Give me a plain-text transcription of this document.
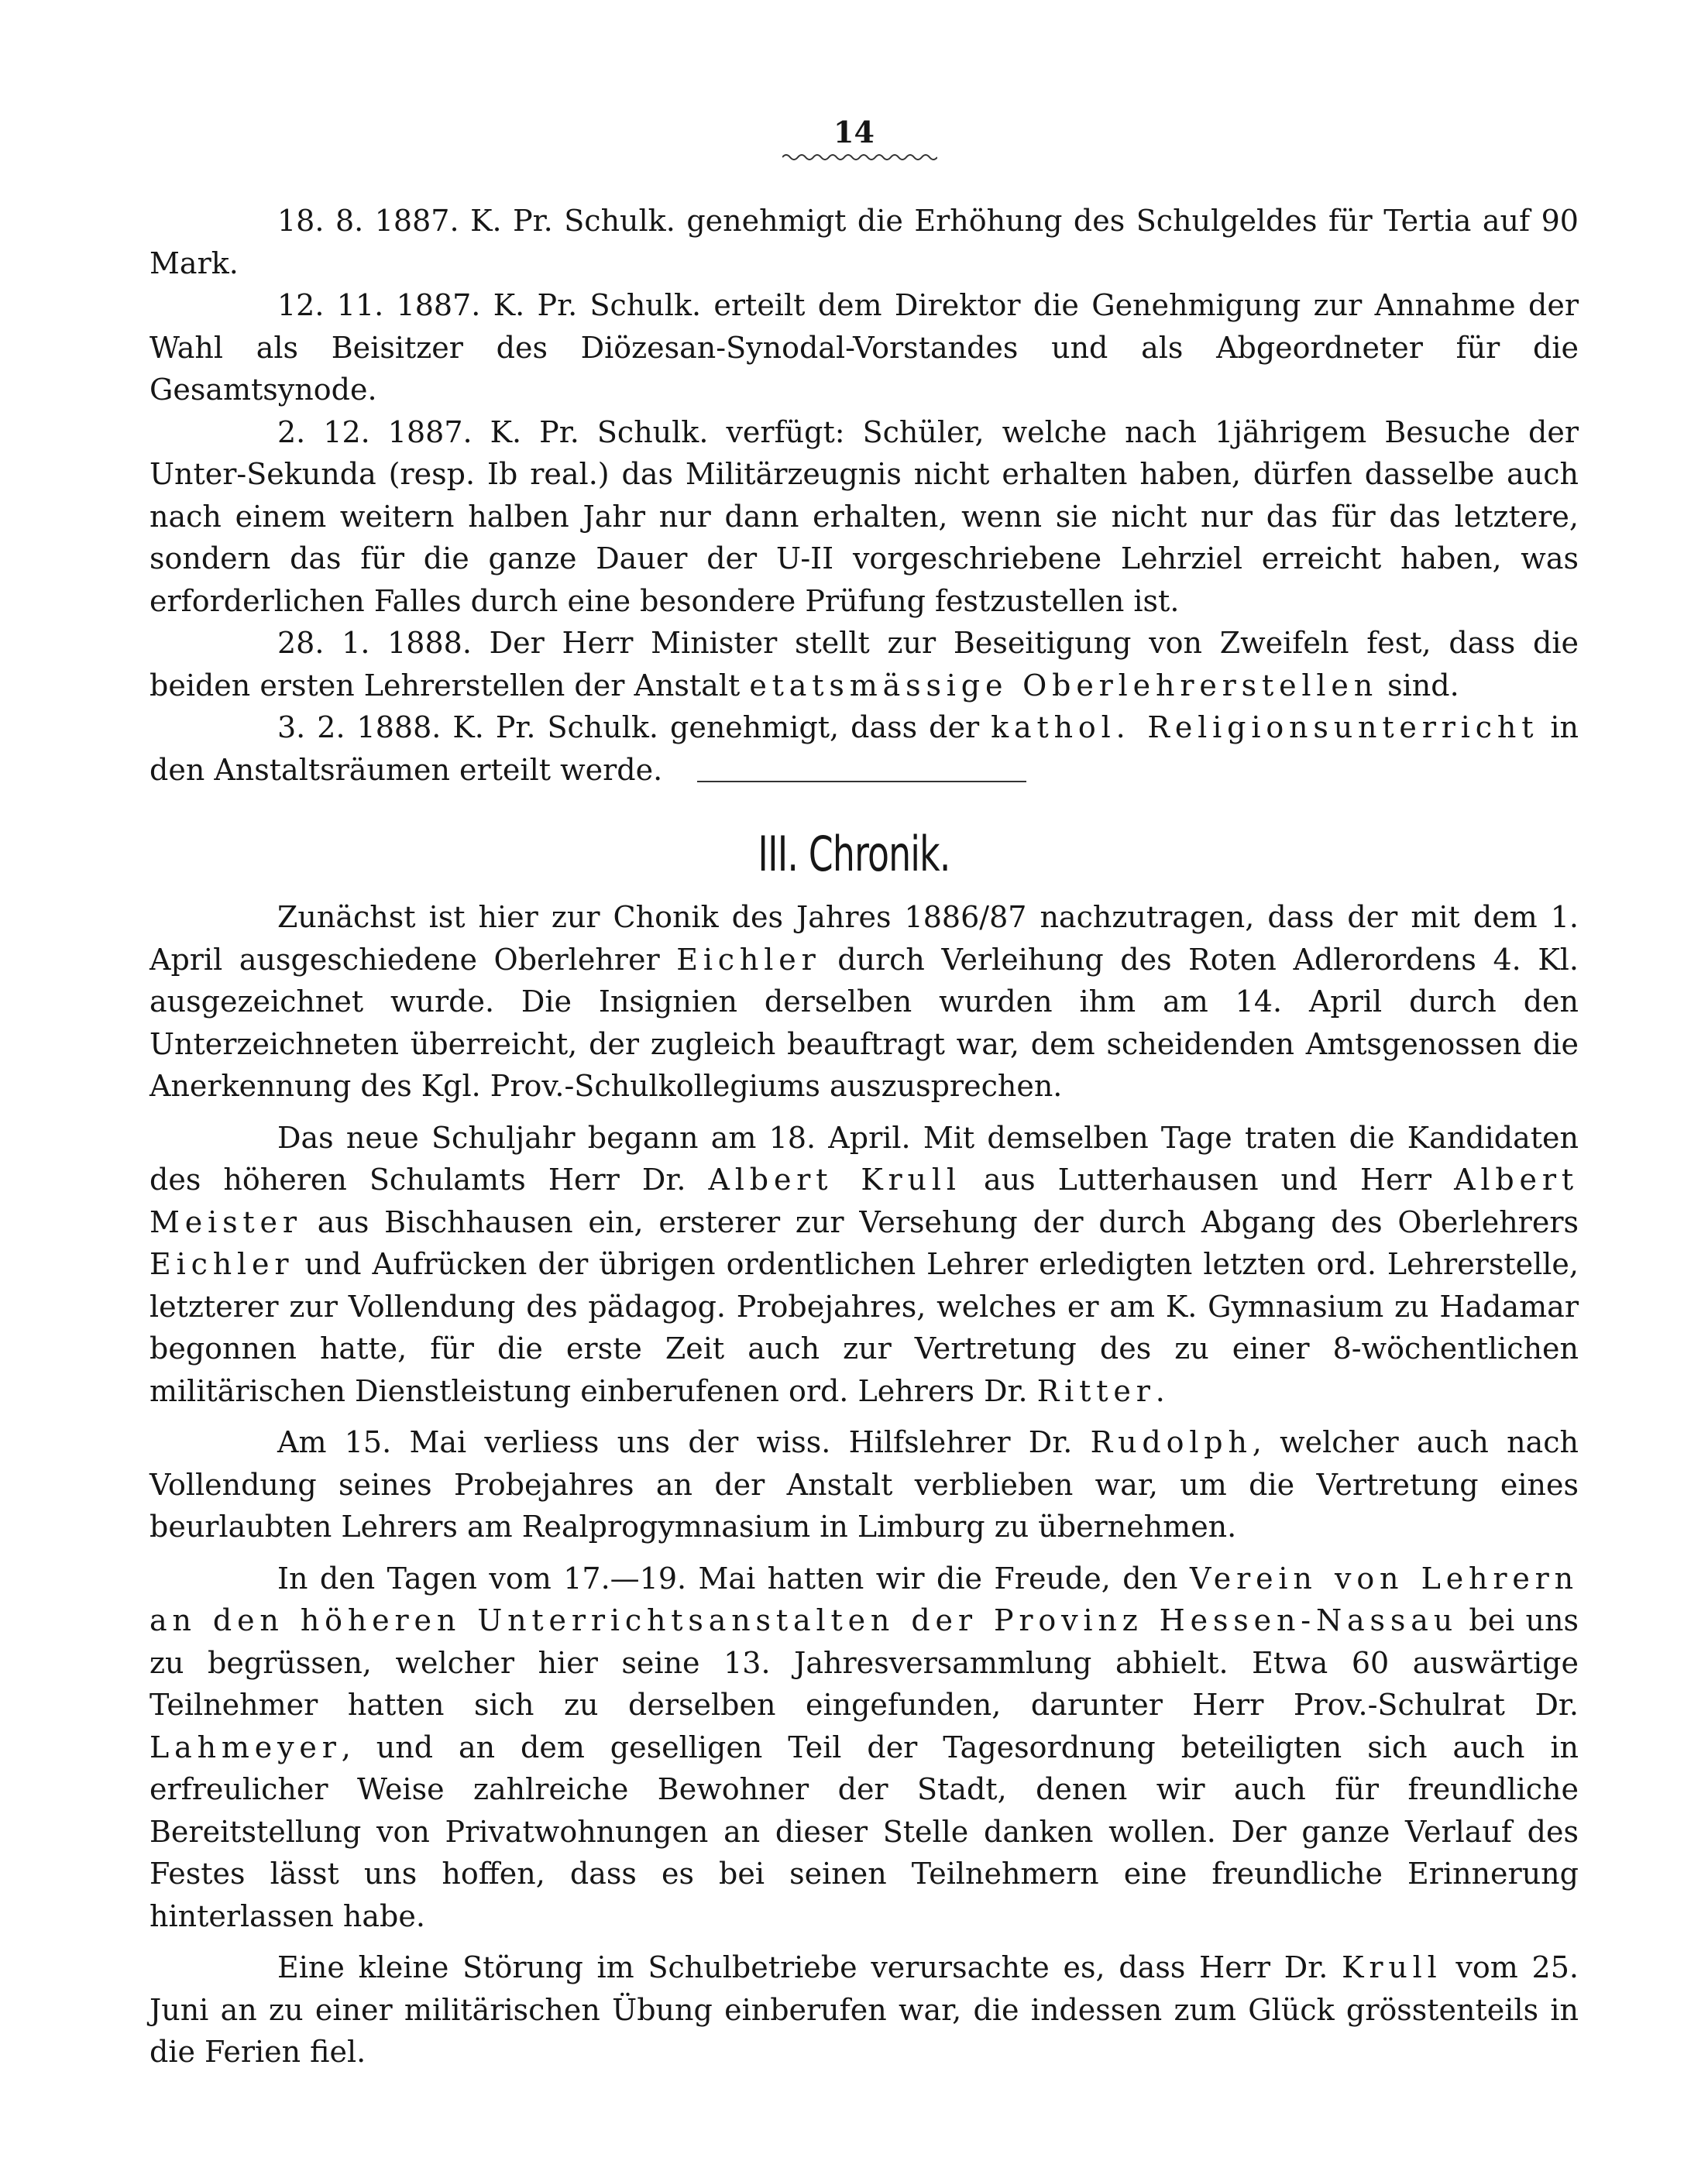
14

18. 8. 1887. K. Pr. Schulk. genehmigt die Erhöhung des Schulgeldes für Tertia auf 90 Mark.

12. 11. 1887. K. Pr. Schulk. erteilt dem Direktor die Genehmigung zur Annahme der Wahl als Beisitzer des Diözesan-Synodal-Vorstandes und als Abgeordneter für die Gesamtsynode.

2. 12. 1887. K. Pr. Schulk. verfügt: Schüler, welche nach 1jährigem Besuche der Unter-Sekunda (resp. Ib real.) das Militärzeugnis nicht erhalten haben, dürfen dasselbe auch nach einem weitern halben Jahr nur dann erhalten, wenn sie nicht nur das für das letztere, sondern das für die ganze Dauer der U-II vorgeschriebene Lehrziel erreicht haben, was erforderlichen Falles durch eine besondere Prüfung festzustellen ist.

28. 1. 1888. Der Herr Minister stellt zur Beseitigung von Zweifeln fest, dass die beiden ersten Lehrerstellen der Anstalt etatsmässige Oberlehrerstellen sind.

3. 2. 1888. K. Pr. Schulk. genehmigt, dass der kathol. Religionsunterricht in den Anstaltsräumen erteilt werde.

III. Chronik.

Zunächst ist hier zur Chonik des Jahres 1886/87 nachzutragen, dass der mit dem 1. April ausgeschiedene Oberlehrer Eichler durch Verleihung des Roten Adlerordens 4. Kl. ausgezeichnet wurde. Die Insignien derselben wurden ihm am 14. April durch den Unterzeichneten überreicht, der zugleich beauftragt war, dem scheidenden Amtsgenossen die Anerkennung des Kgl. Prov.-Schulkollegiums auszusprechen.

Das neue Schuljahr begann am 18. April. Mit demselben Tage traten die Kandidaten des höheren Schulamts Herr Dr. Albert Krull aus Lutterhausen und Herr Albert Meister aus Bischhausen ein, ersterer zur Versehung der durch Abgang des Oberlehrers Eichler und Aufrücken der übrigen ordentlichen Lehrer erledigten letzten ord. Lehrerstelle, letzterer zur Vollendung des pädagog. Probejahres, welches er am K. Gymnasium zu Hadamar begonnen hatte, für die erste Zeit auch zur Vertretung des zu einer 8-wöchentlichen militärischen Dienstleistung einberufenen ord. Lehrers Dr. Ritter.

Am 15. Mai verliess uns der wiss. Hilfslehrer Dr. Rudolph, welcher auch nach Vollendung seines Probejahres an der Anstalt verblieben war, um die Vertretung eines beurlaubten Lehrers am Realprogymnasium in Limburg zu übernehmen.

In den Tagen vom 17.—19. Mai hatten wir die Freude, den Verein von Lehrern an den höheren Unterrichtsanstalten der Provinz Hessen-Nassau bei uns zu begrüssen, welcher hier seine 13. Jahresversammlung abhielt. Etwa 60 auswärtige Teilnehmer hatten sich zu derselben eingefunden, darunter Herr Prov.-Schulrat Dr. Lahmeyer, und an dem geselligen Teil der Tagesordnung beteiligten sich auch in erfreulicher Weise zahlreiche Bewohner der Stadt, denen wir auch für freundliche Bereitstellung von Privatwohnungen an dieser Stelle danken wollen. Der ganze Verlauf des Festes lässt uns hoffen, dass es bei seinen Teilnehmern eine freundliche Erinnerung hinterlassen habe.

Eine kleine Störung im Schulbetriebe verursachte es, dass Herr Dr. Krull vom 25. Juni an zu einer militärischen Übung einberufen war, die indessen zum Glück grösstenteils in die Ferien fiel.
